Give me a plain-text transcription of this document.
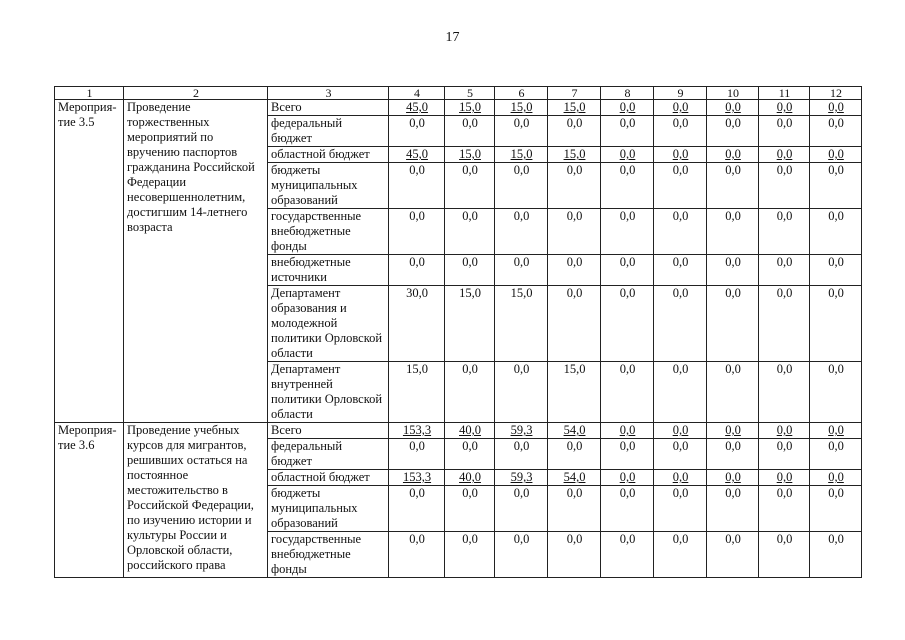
17
1	2	3	4	5	6	7	8	9	10	11	12
Мероприя-
тие 3.5	Проведение торжественных мероприятий по вручению паспортов гражданина Российской Федерации несовершеннолетним, достигшим 14-летнего возраста	Всего	45,0	15,0	15,0	15,0	0,0	0,0	0,0	0,0	0,0
		федеральный бюджет	0,0	0,0	0,0	0,0	0,0	0,0	0,0	0,0	0,0
		областной бюджет	45,0	15,0	15,0	15,0	0,0	0,0	0,0	0,0	0,0
		бюджеты муниципальных образований	0,0	0,0	0,0	0,0	0,0	0,0	0,0	0,0	0,0
		государственные внебюджетные фонды	0,0	0,0	0,0	0,0	0,0	0,0	0,0	0,0	0,0
		внебюджетные источники	0,0	0,0	0,0	0,0	0,0	0,0	0,0	0,0	0,0
		Департамент образования и молодежной политики Орловской области	30,0	15,0	15,0	0,0	0,0	0,0	0,0	0,0	0,0
		Департамент внутренней политики Орловской области	15,0	0,0	0,0	15,0	0,0	0,0	0,0	0,0	0,0
Мероприя-
тие 3.6	Проведение учебных курсов для мигрантов, решивших остаться на постоянное местожительство в Российской Федерации, по изучению истории и культуры России и Орловской области, российского права	Всего	153,3	40,0	59,3	54,0	0,0	0,0	0,0	0,0	0,0
		федеральный бюджет	0,0	0,0	0,0	0,0	0,0	0,0	0,0	0,0	0,0
		областной бюджет	153,3	40,0	59,3	54,0	0,0	0,0	0,0	0,0	0,0
		бюджеты муниципальных образований	0,0	0,0	0,0	0,0	0,0	0,0	0,0	0,0	0,0
		государственные внебюджетные фонды	0,0	0,0	0,0	0,0	0,0	0,0	0,0	0,0	0,0
